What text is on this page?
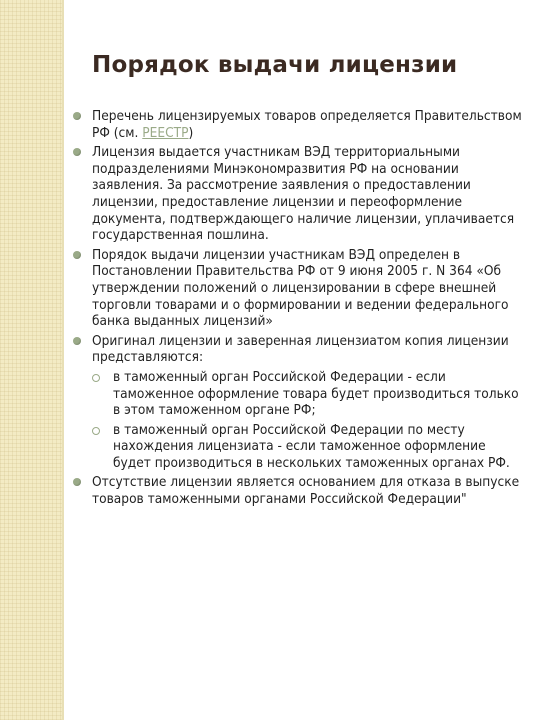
Порядок выдачи лицензии
Перечень лицензируемых товаров определяется Правительством РФ (см. РЕЕСТР)
Лицензия выдается участникам ВЭД территориальными подразделениями Минэкономразвития РФ на основании заявления. За рассмотрение заявления о предоставлении лицензии, предоставление лицензии и переоформление документа, подтверждающего наличие лицензии, уплачивается государственная пошлина.
Порядок выдачи лицензии участникам ВЭД определен в Постановлении Правительства РФ от 9 июня 2005 г. N 364 «Об утверждении положений о лицензировании в сфере внешней торговли товарами и о формировании и ведении федерального банка выданных лицензий»
Оригинал лицензии и заверенная лицензиатом копия лицензии представляются:
в таможенный орган Российской Федерации - если таможенное оформление товара будет производиться только в этом таможенном органе РФ;
в таможенный орган Российской Федерации по месту нахождения лицензиата - если таможенное оформление будет производиться в нескольких таможенных органах РФ.
Отсутствие лицензии является основанием для отказа в выпуске товаров таможенными органами Российской Федерации"
